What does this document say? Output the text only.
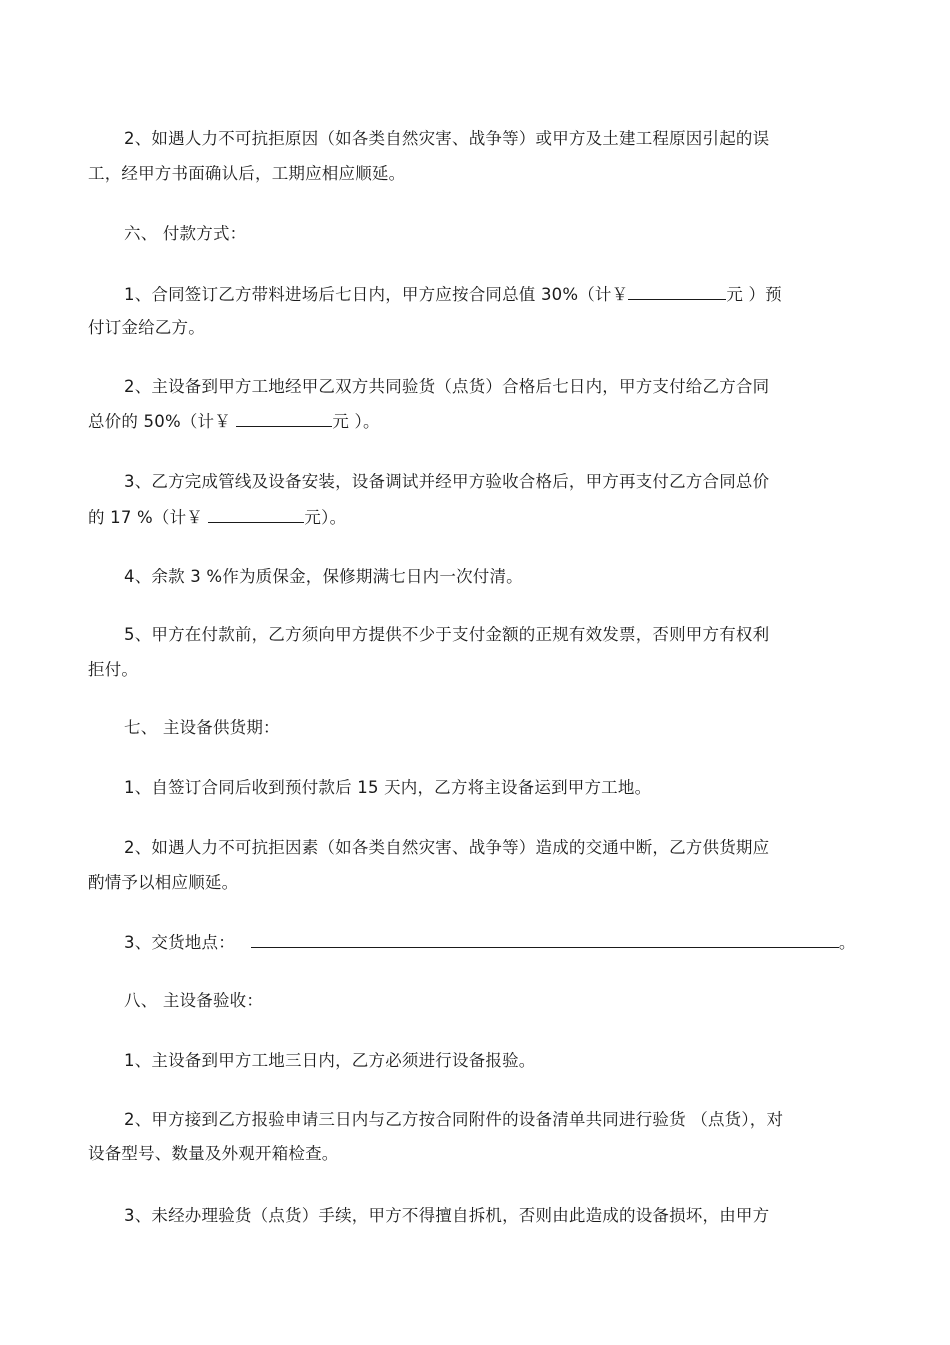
2、如遇人力不可抗拒原因（如各类自然灾害、战争等）或甲方及土建工程原因引起的误
工，经甲方书面确认后，工期应相应顺延。
六、 付款方式：
1、合同签订乙方带料进场后七日内，甲方应按合同总值 30%（计￥	元 ）预
付订金给乙方。
2、主设备到甲方工地经甲乙双方共同验货（点货）合格后七日内，甲方支付给乙方合同
总价的 50%（计￥	元 ）。
3、乙方完成管线及设备安装，设备调试并经甲方验收合格后，甲方再支付乙方合同总价
的 17 %（计￥	元）。
4、余款 3 %作为质保金，保修期满七日内一次付清。
5、甲方在付款前，乙方须向甲方提供不少于支付金额的正规有效发票，否则甲方有权利
拒付。
七、 主设备供货期：
1、自签订合同后收到预付款后 15 天内，乙方将主设备运到甲方工地。
2、如遇人力不可抗拒因素（如各类自然灾害、战争等）造成的交通中断，乙方供货期应
酌情予以相应顺延。
3、交货地点：	。
八、 主设备验收：
1、主设备到甲方工地三日内，乙方必须进行设备报验。
2、甲方接到乙方报验申请三日内与乙方按合同附件的设备清单共同进行验货 （点货），对
设备型号、数量及外观开箱检查。
3、未经办理验货（点货）手续，甲方不得擅自拆机，否则由此造成的设备损坏，由甲方
